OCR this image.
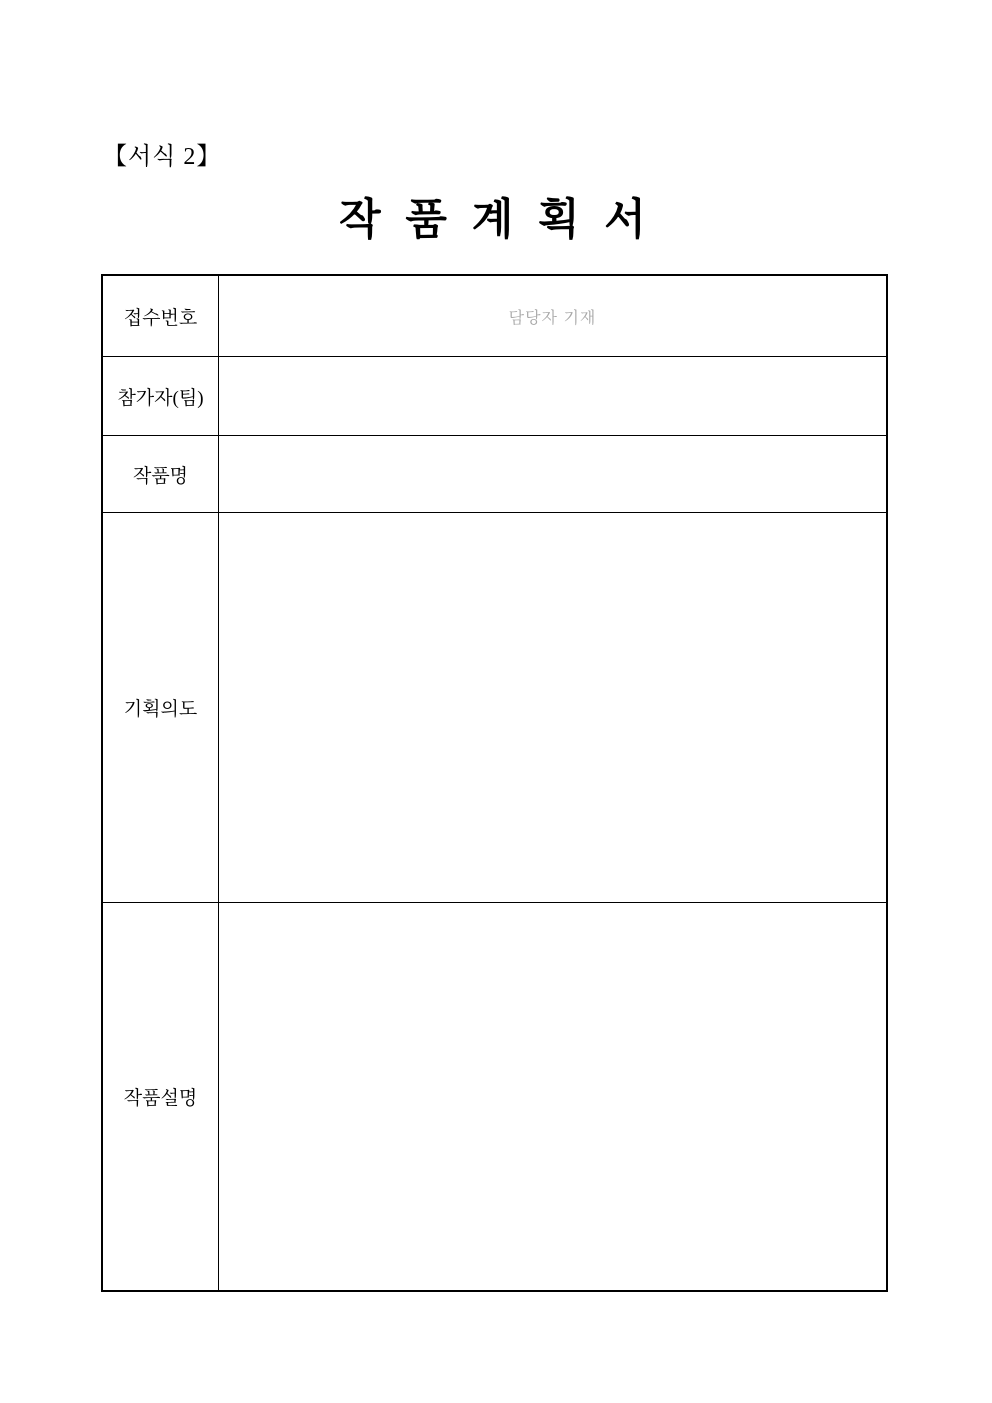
【서식 2】
작 품 계 획 서
접수번호	담당자 기재
참가자(팀)
작품명
기획의도
작품설명
